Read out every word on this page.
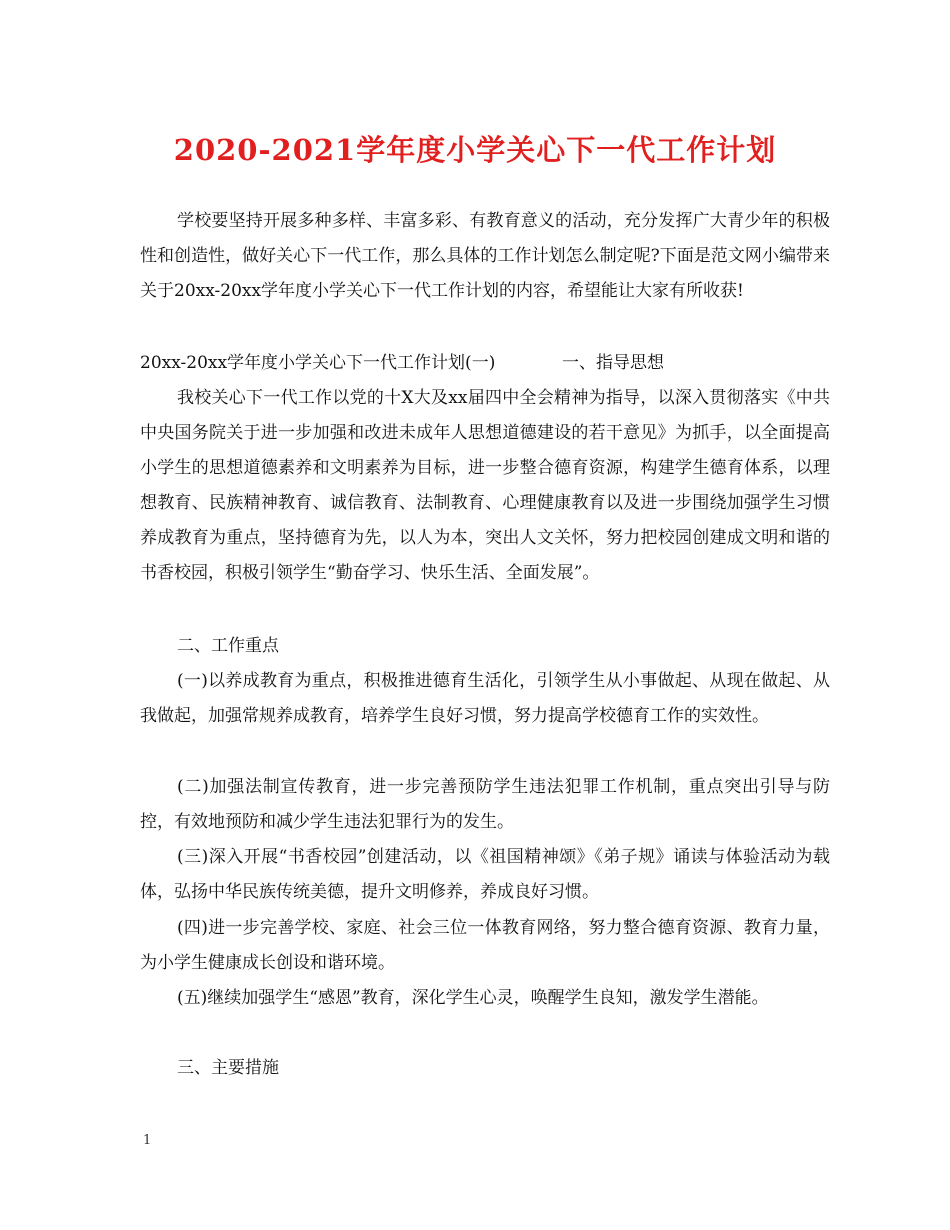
2020-2021学年度小学关心下一代工作计划

学校要坚持开展多种多样、丰富多彩、有教育意义的活动，充分发挥广大青少年的积极性和创造性，做好关心下一代工作，那么具体的工作计划怎么制定呢?下面是范文网小编带来关于20xx-20xx学年度小学关心下一代工作计划的内容，希望能让大家有所收获!

20xx-20xx学年度小学关心下一代工作计划(一)	一、指导思想

我校关心下一代工作以党的十X大及xx届四中全会精神为指导，以深入贯彻落实《中共中央国务院关于进一步加强和改进未成年人思想道德建设的若干意见》为抓手，以全面提高小学生的思想道德素养和文明素养为目标，进一步整合德育资源，构建学生德育体系，以理想教育、民族精神教育、诚信教育、法制教育、心理健康教育以及进一步围绕加强学生习惯养成教育为重点，坚持德育为先，以人为本，突出人文关怀，努力把校园创建成文明和谐的书香校园，积极引领学生“勤奋学习、快乐生活、全面发展”。

二、工作重点

(一)以养成教育为重点，积极推进德育生活化，引领学生从小事做起、从现在做起、从我做起，加强常规养成教育，培养学生良好习惯，努力提高学校德育工作的实效性。

(二)加强法制宣传教育，进一步完善预防学生违法犯罪工作机制，重点突出引导与防控，有效地预防和减少学生违法犯罪行为的发生。

(三)深入开展“书香校园”创建活动，以《祖国精神颂》《弟子规》诵读与体验活动为载体，弘扬中华民族传统美德，提升文明修养，养成良好习惯。

(四)进一步完善学校、家庭、社会三位一体教育网络，努力整合德育资源、教育力量，为小学生健康成长创设和谐环境。

(五)继续加强学生“感恩”教育，深化学生心灵，唤醒学生良知，激发学生潜能。

三、主要措施
1
